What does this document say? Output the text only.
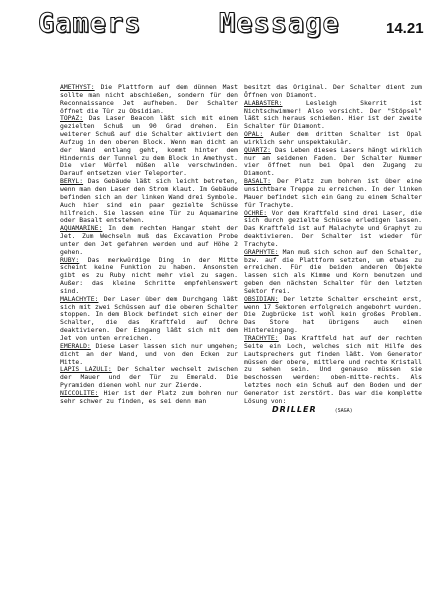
Gamers	Message	14.21

AMETHYST: Die Plattform auf dem dünnen Mast sollte man nicht abschießen, sondern für den Reconnaissance Jet aufheben. Der Schalter öffnet die Tür zu Obsidian.

TOPAZ: Das Laser Beacon läßt sich mit einem gezielten Schuß um 90 Grad drehen. Ein weiterer Schuß auf die Schalter aktiviert den Aufzug in den oberen Block. Wenn man dicht an der Wand entlang geht, kommt hinter dem Hindernis der Tunnel zu dem Block in Amethyst. Die vier Würfel müßen alle verschwinden. Darauf entsetzen vier Teleporter.

BERYL: Das Gebäude läßt sich leicht betreten, wenn man den Laser den Strom klaut. Im Gebäude befinden sich an der linken Wand drei Symbole. Auch hier sind ein paar gezielte Schüsse hilfreich. Sie lassen eine Tür zu Aquamarine oder Basalt entstehen.

AQUAMARINE: In dem rechten Hangar steht der Jet. Zum Wechseln muß das Excavation Probe unter den Jet gefahren werden und auf Höhe 2 gehen.

RUBY: Das merkwürdige Ding in der Mitte scheint keine Funktion zu haben. Ansonsten gibt es zu Ruby nicht mehr viel zu sagen. Außer: das kleine Schritte empfehlenswert sind.

MALACHYTE: Der Laser über dem Durchgang läßt sich mit zwei Schüssen auf die oberen Schalter stoppen. In dem Block befindet sich einer der Schalter, die das Kraftfeld auf Ochre deaktivieren. Der Eingang läßt sich mit dem Jet von unten erreichen.

EMERALD: Diese Laser lassen sich nur umgehen; dicht an der Wand, und von den Ecken zur Mitte.

LAPIS LAZULI: Der Schalter wechselt zwischen der Mauer und der Tür zu Emerald. Die Pyramiden dienen wohl nur zur Zierde.

NICCOLITE: Hier ist der Platz zum bohren nur sehr schwer zu finden, es sei denn man

besitzt das Original. Der Schalter dient zum Öffnen von Diamont.

ALABASTER: Lesleigh Skerrit ist Nichtschwimmer! Also vorsicht. Der "Stöpsel" läßt sich heraus schießen. Hier ist der zweite Schalter für Diamont.

OPAL: Außer dem dritten Schalter ist Opal wirklich sehr unspektakulär.

QUARTZ: Das Leben dieses Lasers hängt wirklich nur am seidenen Faden. Der Schalter Nummer vier öffnet nun bei Opal den Zugang zu Diamont.

BASALT: Der Platz zum bohren ist über eine unsichtbare Treppe zu erreichen. In der linken Mauer befindet sich ein Gang zu einem Schalter für Trachyte.

OCHRE: Vor dem Kraftfeld sind drei Laser, die sich durch gezielte Schüsse erledigen lassen. Das Kraftfeld ist auf Malachyte und Graphyt zu deaktivieren. Der Schalter ist wieder für Trachyte.

GRAPHYTE: Man muß sich schon auf den Schalter, bzw. auf die Plattform setzten, um etwas zu erreichen. Für die beiden anderen Objekte lassen sich als Kimme und Korn benutzen und geben den nächsten Schalter für den letzten Sektor frei.

OBSIDIAN: Der letzte Schalter erscheint erst, wenn 17 Sektoren erfolgreich angebohrt wurden. Die Zugbrücke ist wohl kein großes Problem. Das Store hat übrigens auch einen Hintereingang.

TRACHYTE: Das Kraftfeld hat auf der rechten Seite ein Loch, welches sich mit Hilfe des Lautsprechers gut finden läßt. Vom Generator müssen der obere, mittlere und rechte Kristall zu sehen sein. Und genauso müssen sie beschossen werden: oben-mitte-rechts. Als letztes noch ein Schuß auf den Boden und der Generator ist zerstört. Das war die komplette Lösung von:

DRILLER	(SAGA)
